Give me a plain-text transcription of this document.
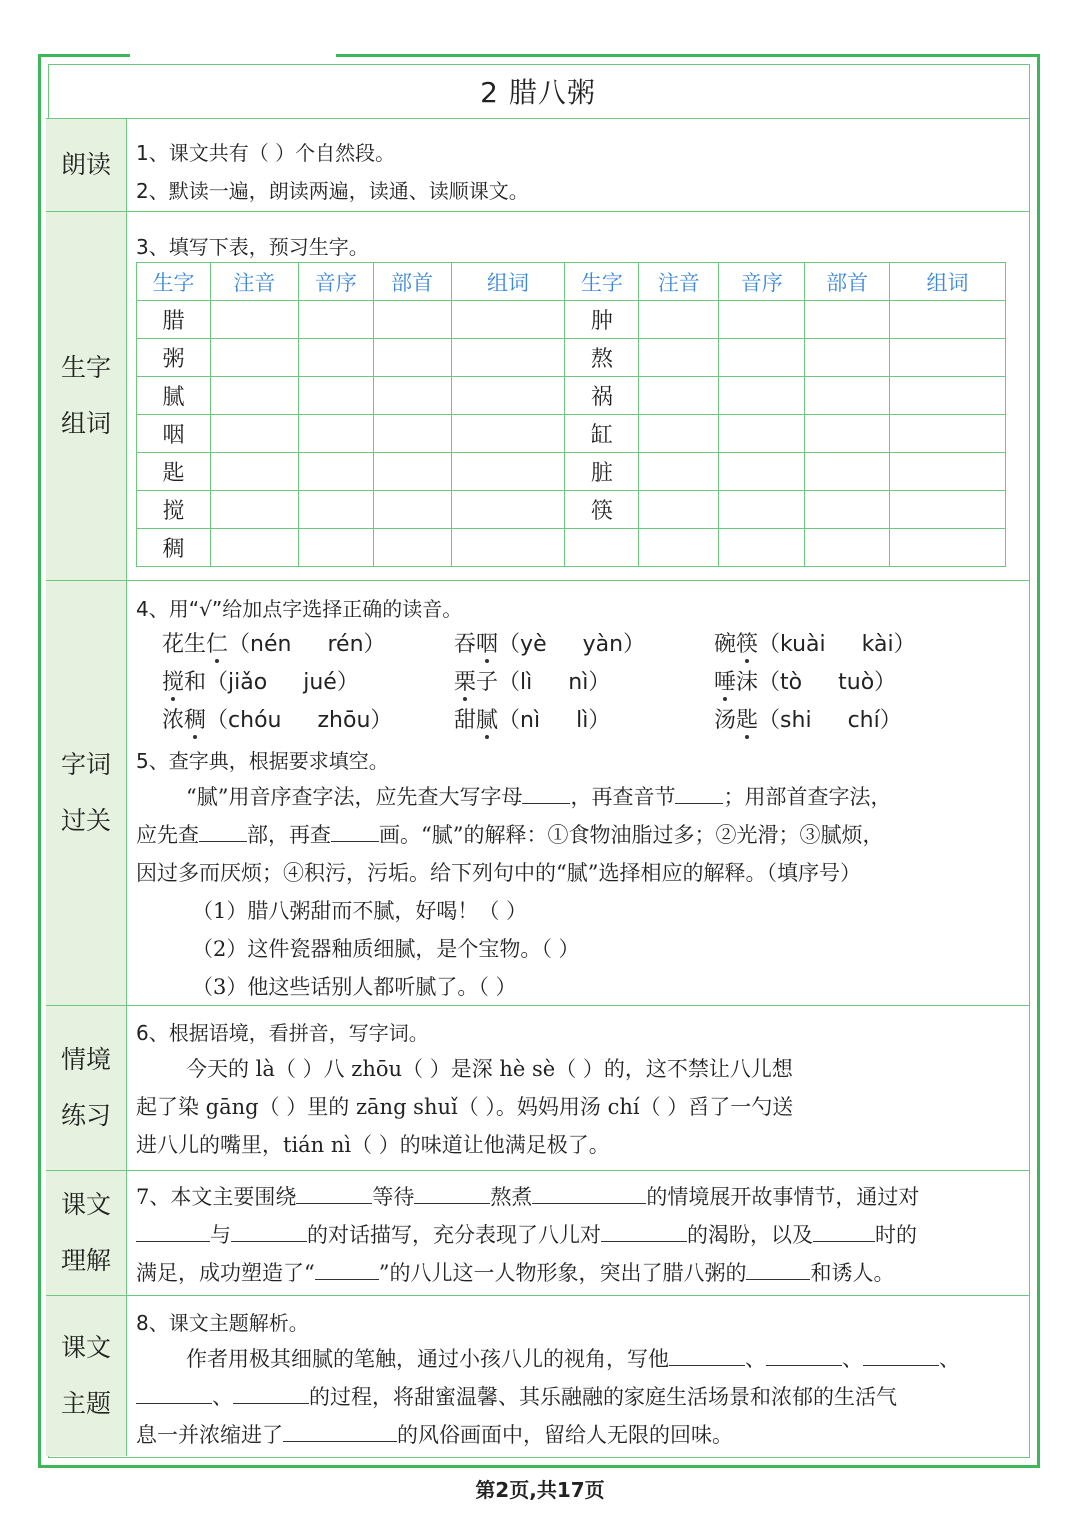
2 腊八粥
朗读 1、课文共有（ ）个自然段。
2、默读一遍，朗读两遍，读通、读顺课文。
生字
组词
3、填写下表，预习生字。
生字	注音	音序	部首	组词	生字	注音	音序	部首	组词
腊					肿				
粥					熬				
腻					祸				
咽					缸				
匙					脏				
搅					筷				
稠									
字词
过关
4、用“√”给加点字选择正确的读音。
5、查字典，根据要求填空。
“腻”用音序查字法，应先查大写字母 ，再查音节 ；用部首查字法，
应先查 部，再查 画。“腻”的解释：①食物油脂过多；②光滑；③腻烦，
因过多而厌烦；④积污，污垢。给下列句中的“腻”选择相应的解释。（填序号）
（1）腊八粥甜而不腻，好喝！（ ）
（2）这件瓷器釉质细腻，是个宝物。（ ）
（3）他这些话别人都听腻了。（ ）
花生仁（nén rén）	吞咽（yè yàn）	碗筷（kuài kài）
搅和（jiǎo jué）	栗子（lì nì）	唾沫（tò tuò）
浓稠（chóu zhōu）	甜腻（nì lì）	汤匙（shi chí）
情境
练习
6、根据语境，看拼音，写字词。
今天的 là（ ）八 zhōu（ ）是深 hè sè（ ）的，这不禁让八儿想
起了染 gāng（ ）里的 zāng shuǐ（ ）。妈妈用汤 chí（ ）舀了一勺送
进八儿的嘴里，tián nì（ ）的味道让他满足极了。
课文
理解
7、本文主要围绕	等待	熬煮	的情境展开故事情节，通过对
与	的对话描写，充分表现了八儿对	的渴盼，以及	时的
满足，成功塑造了“	”的八儿这一人物形象，突出了腊八粥的	和诱人。
课文
主题
8、课文主题解析。
作者用极其细腻的笔触，通过小孩八儿的视角，写他	、	、	、
、	的过程，将甜蜜温馨、其乐融融的家庭生活场景和浓郁的生活气
息一并浓缩进了	的风俗画面中，留给人无限的回味。
第2页,共17页
